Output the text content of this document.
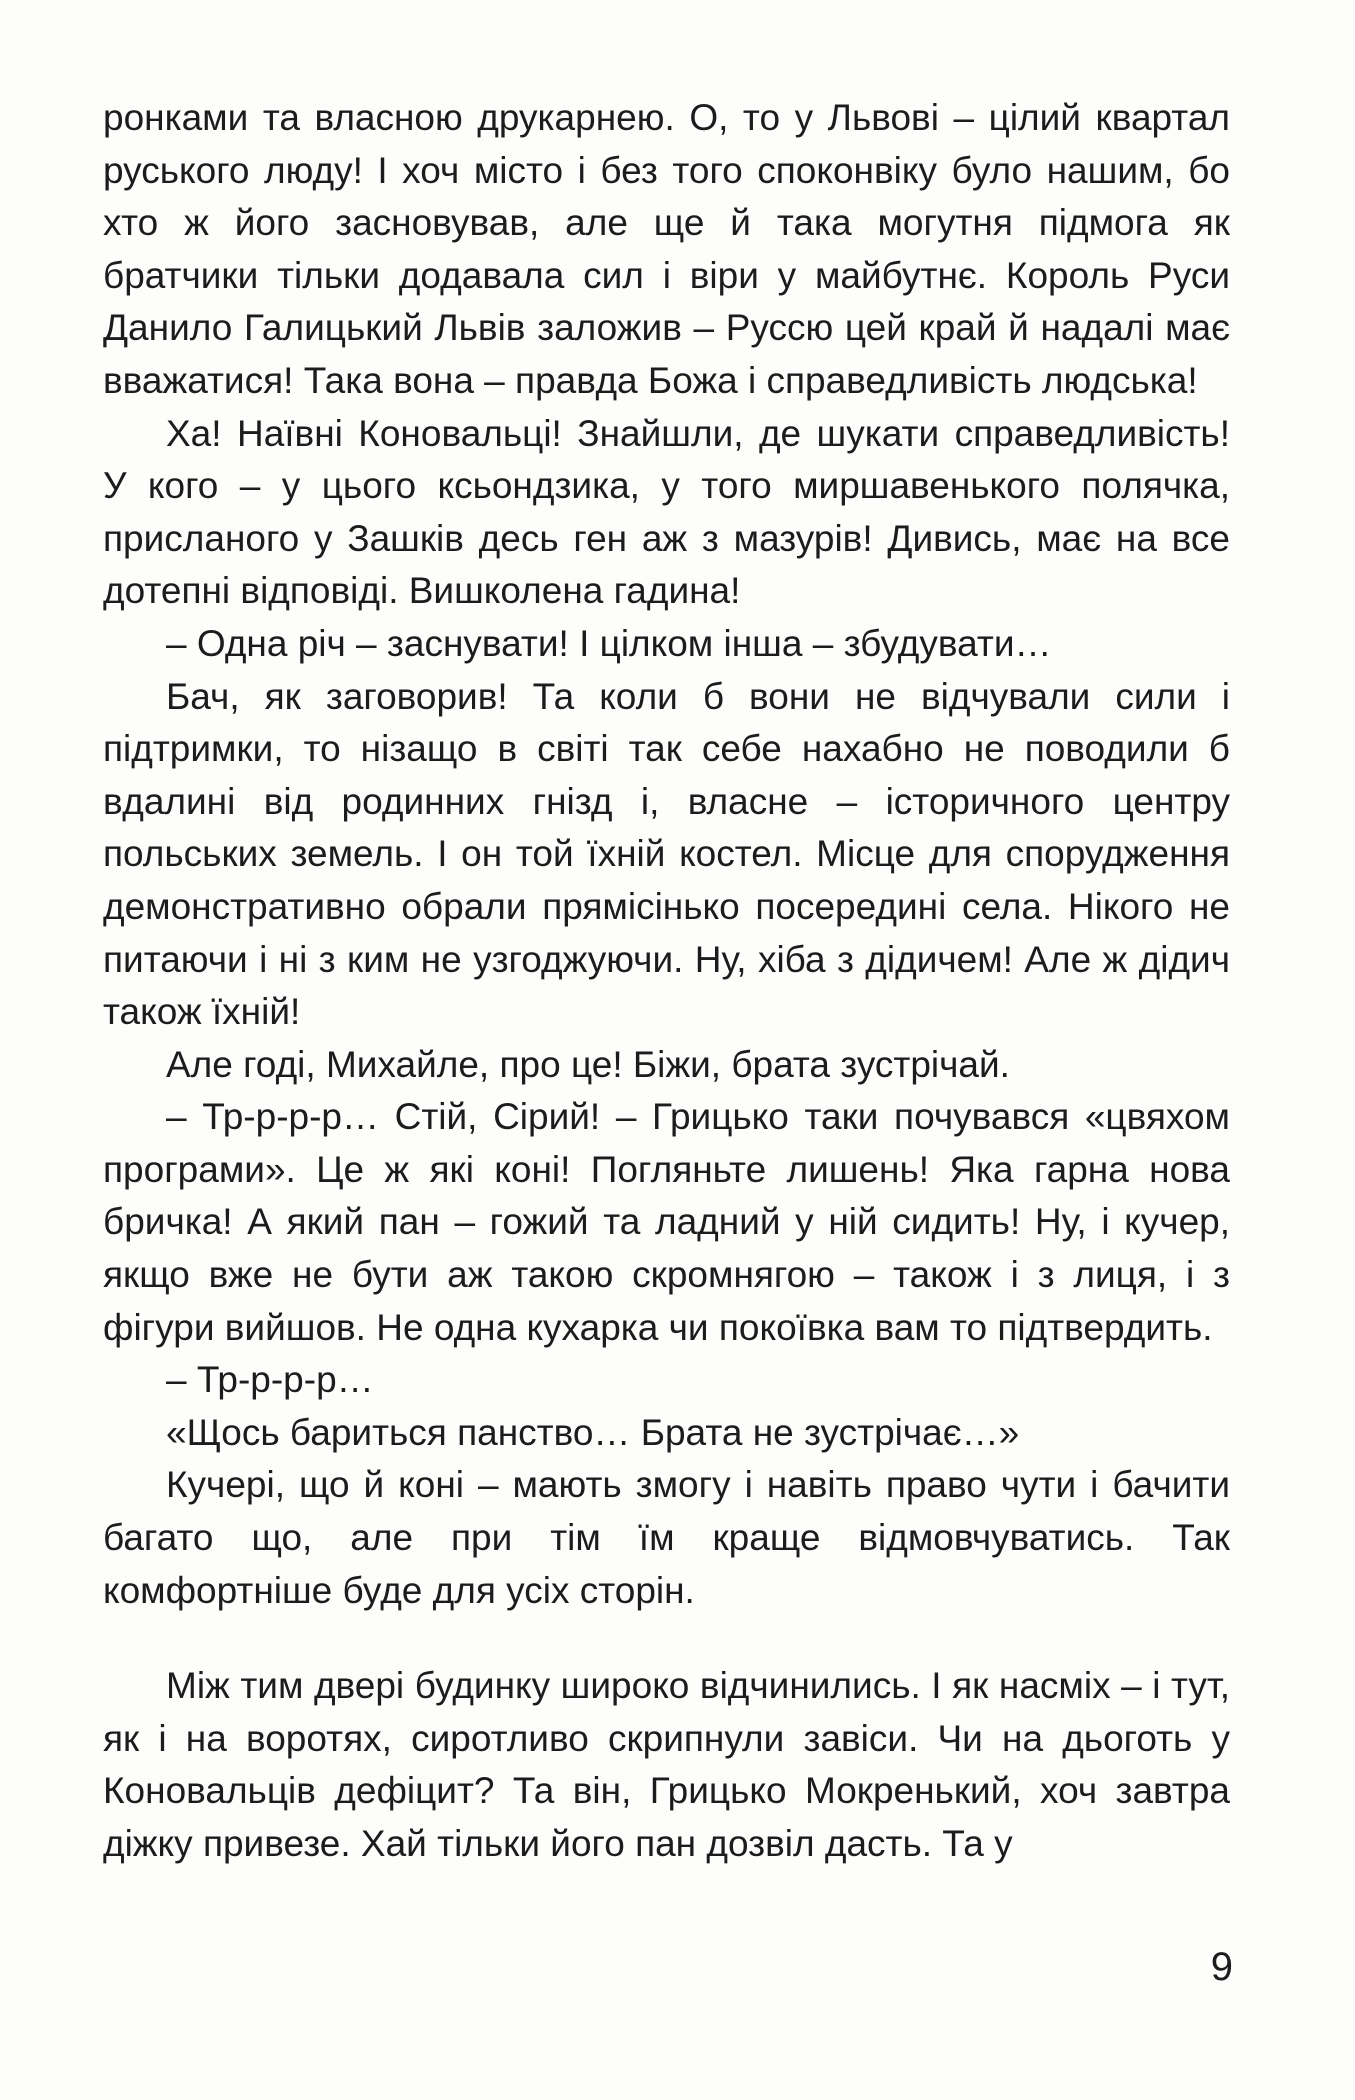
ронками та власною друкарнею. О, то у Львові – цілий квартал руського люду! І хоч місто і без того споконвіку було нашим, бо хто ж його засновував, але ще й така могутня підмога як братчики тільки додавала сил і віри у майбутнє. Король Руси Данило Галицький Львів заложив – Руссю цей край й надалі має вважатися! Така вона – правда Божа і справедливість людська!

Ха! Наївні Коновальці! Знайшли, де шукати справедливість! У кого – у цього ксьондзика, у того миршавенького полячка, присланого у Зашків десь ген аж з мазурів! Дивись, має на все дотепні відповіді. Вишколена гадина!

– Одна річ – заснувати! І цілком інша – збудувати…

Бач, як заговорив! Та коли б вони не відчували сили і підтримки, то нізащо в світі так себе нахабно не поводили б вдалині від родинних гнізд і, власне – історичного центру польських земель. І он той їхній костел. Місце для спорудження демонстративно обрали прямісінько посередині села. Нікого не питаючи і ні з ким не узгоджуючи. Ну, хіба з дідичем! Але ж дідич також їхній!

Але годі, Михайле, про це! Біжи, брата зустрічай.

– Тр-р-р-р… Стій, Сірий! – Грицько таки почувався «цвяхом програми». Це ж які коні! Погляньте лишень! Яка гарна нова бричка! А який пан – гожий та ладний у ній сидить! Ну, і кучер, якщо вже не бути аж такою скромнягою – також і з лиця, і з фігури вийшов. Не одна кухарка чи покоївка вам то підтвердить.

– Тр-р-р-р…

«Щось бариться панство… Брата не зустрічає…»

Кучері, що й коні – мають змогу і навіть право чути і бачити багато що, але при тім їм краще відмовчуватись. Так комфортніше буде для усіх сторін.

Між тим двері будинку широко відчинились. І як насміх – і тут, як і на воротях, сиротливо скрипнули завіси. Чи на дьоготь у Коновальців дефіцит? Та він, Грицько Мокренький, хоч завтра діжку привезе. Хай тільки його пан дозвіл дасть. Та у

9
